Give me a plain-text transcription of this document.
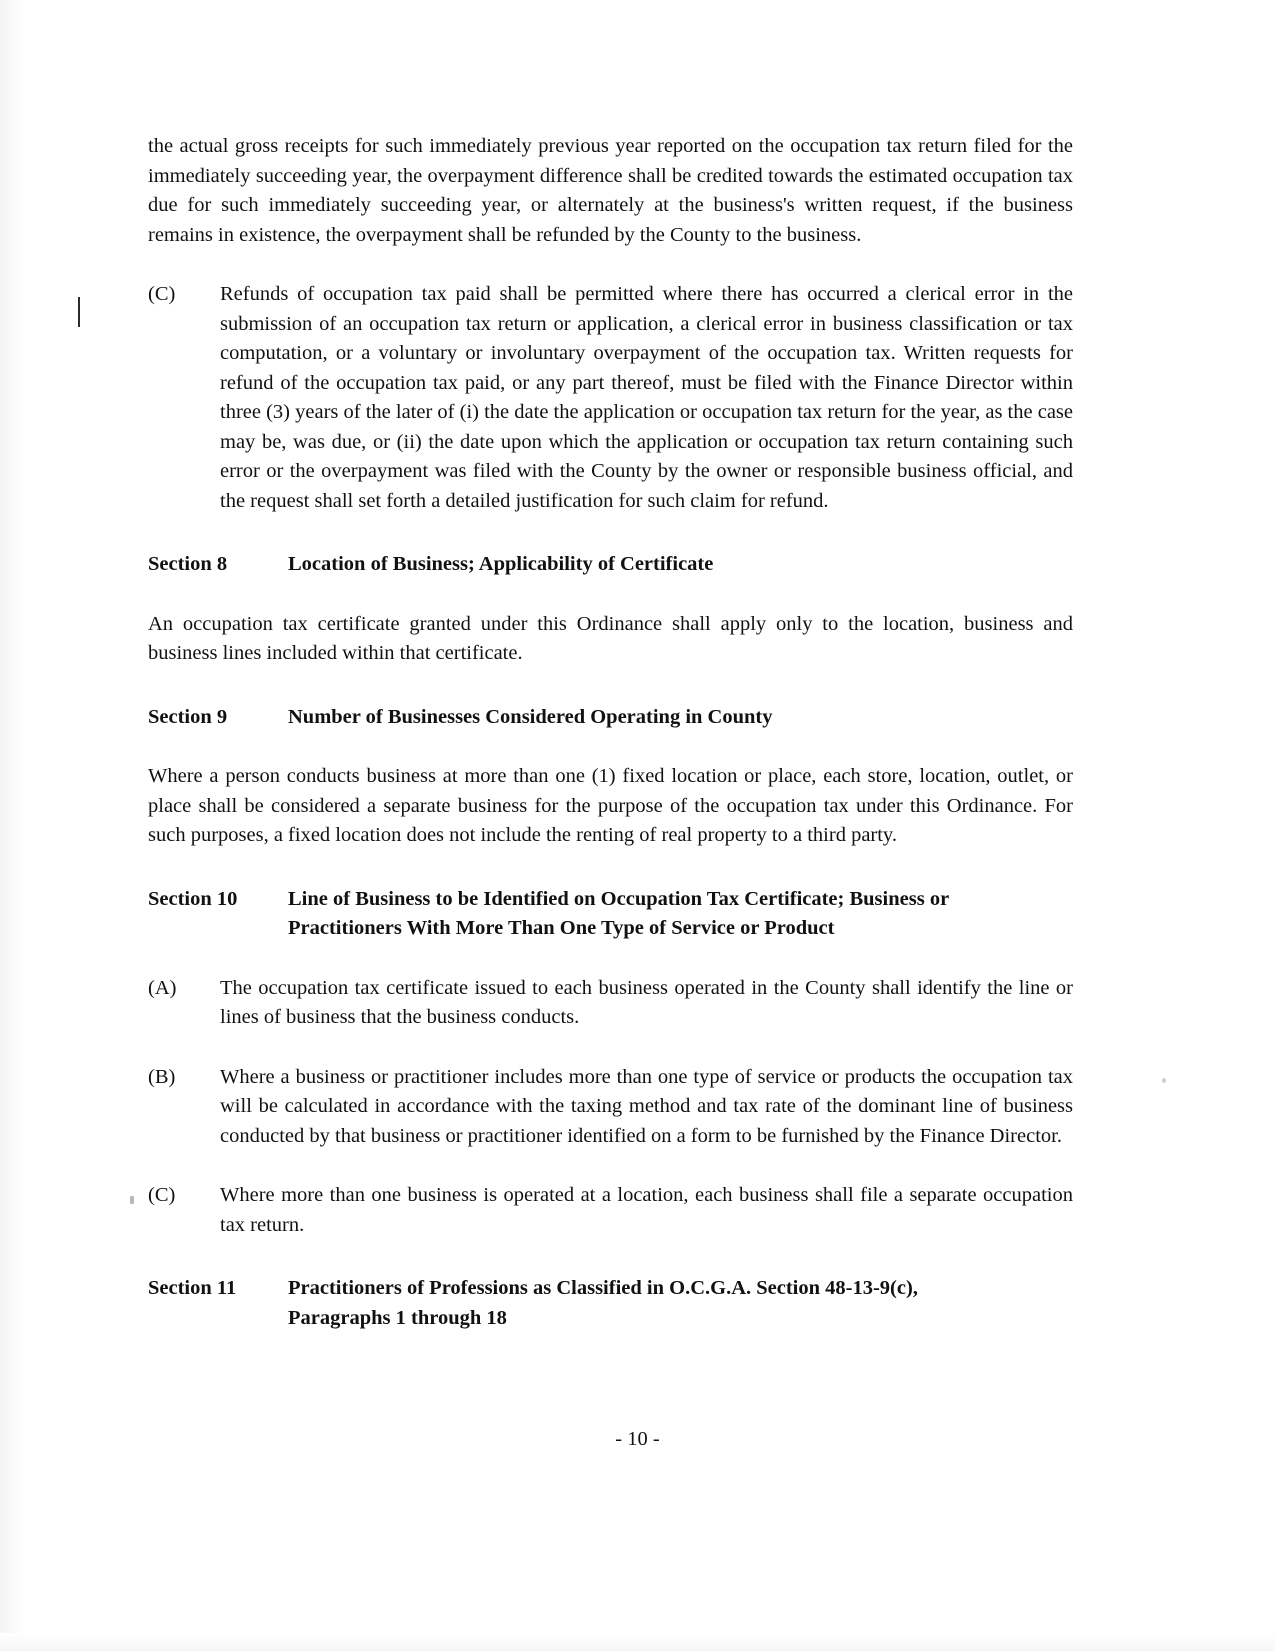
the actual gross receipts for such immediately previous year reported on the occupation tax return filed for the immediately succeeding year, the overpayment difference shall be credited towards the estimated occupation tax due for such immediately succeeding year, or alternately at the business's written request, if the business remains in existence, the overpayment shall be refunded by the County to the business.

(C)	Refunds of occupation tax paid shall be permitted where there has occurred a clerical error in the submission of an occupation tax return or application, a clerical error in business classification or tax computation, or a voluntary or involuntary overpayment of the occupation tax. Written requests for refund of the occupation tax paid, or any part thereof, must be filed with the Finance Director within three (3) years of the later of (i) the date the application or occupation tax return for the year, as the case may be, was due, or (ii) the date upon which the application or occupation tax return containing such error or the overpayment was filed with the County by the owner or responsible business official, and the request shall set forth a detailed justification for such claim for refund.
Section 8	Location of Business; Applicability of Certificate

An occupation tax certificate granted under this Ordinance shall apply only to the location, business and business lines included within that certificate.

Section 9	Number of Businesses Considered Operating in County

Where a person conducts business at more than one (1) fixed location or place, each store, location, outlet, or place shall be considered a separate business for the purpose of the occupation tax under this Ordinance. For such purposes, a fixed location does not include the renting of real property to a third party.

Section 10 Line of Business to be Identified on Occupation Tax Certificate; Business or
Practitioners With More Than One Type of Service or Product
(A)	The occupation tax certificate issued to each business operated in the County shall identify the line or lines of business that the business conducts.
(B)	Where a business or practitioner includes more than one type of service or products the occupation tax will be calculated in accordance with the taxing method and tax rate of the dominant line of business conducted by that business or practitioner identified on a form to be furnished by the Finance Director.
(C)	Where more than one business is operated at a location, each business shall file a separate occupation tax return.
Section 11	Practitioners of Professions as Classified in O.C.G.A. Section 48-13-9(c),
Paragraphs 1 through 18
- 10 -
